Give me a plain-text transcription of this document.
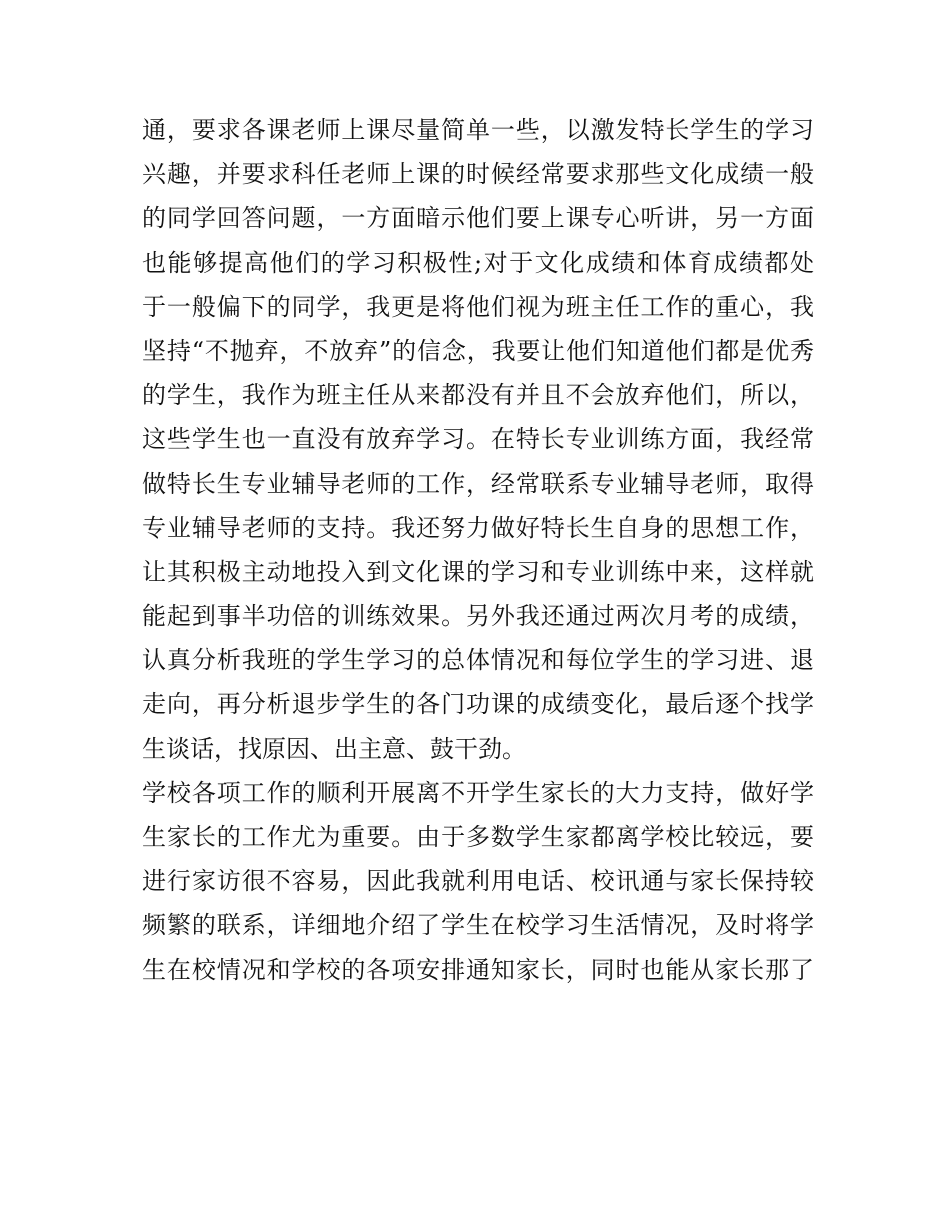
通，要求各课老师上课尽量简单一些，以激发特长学生的学习
兴趣，并要求科任老师上课的时候经常要求那些文化成绩一般
的同学回答问题，一方面暗示他们要上课专心听讲，另一方面
也能够提高他们的学习积极性;对于文化成绩和体育成绩都处
于一般偏下的同学，我更是将他们视为班主任工作的重心，我
坚持“不抛弃，不放弃”的信念，我要让他们知道他们都是优秀
的学生，我作为班主任从来都没有并且不会放弃他们，所以，
这些学生也一直没有放弃学习。在特长专业训练方面，我经常
做特长生专业辅导老师的工作，经常联系专业辅导老师，取得
专业辅导老师的支持。我还努力做好特长生自身的思想工作，
让其积极主动地投入到文化课的学习和专业训练中来，这样就
能起到事半功倍的训练效果。另外我还通过两次月考的成绩，
认真分析我班的学生学习的总体情况和每位学生的学习进、退
走向，再分析退步学生的各门功课的成绩变化，最后逐个找学
生谈话，找原因、出主意、鼓干劲。
学校各项工作的顺利开展离不开学生家长的大力支持，做好学
生家长的工作尤为重要。由于多数学生家都离学校比较远，要
进行家访很不容易，因此我就利用电话、校讯通与家长保持较
频繁的联系，详细地介绍了学生在校学习生活情况，及时将学
生在校情况和学校的各项安排通知家长，同时也能从家长那了
